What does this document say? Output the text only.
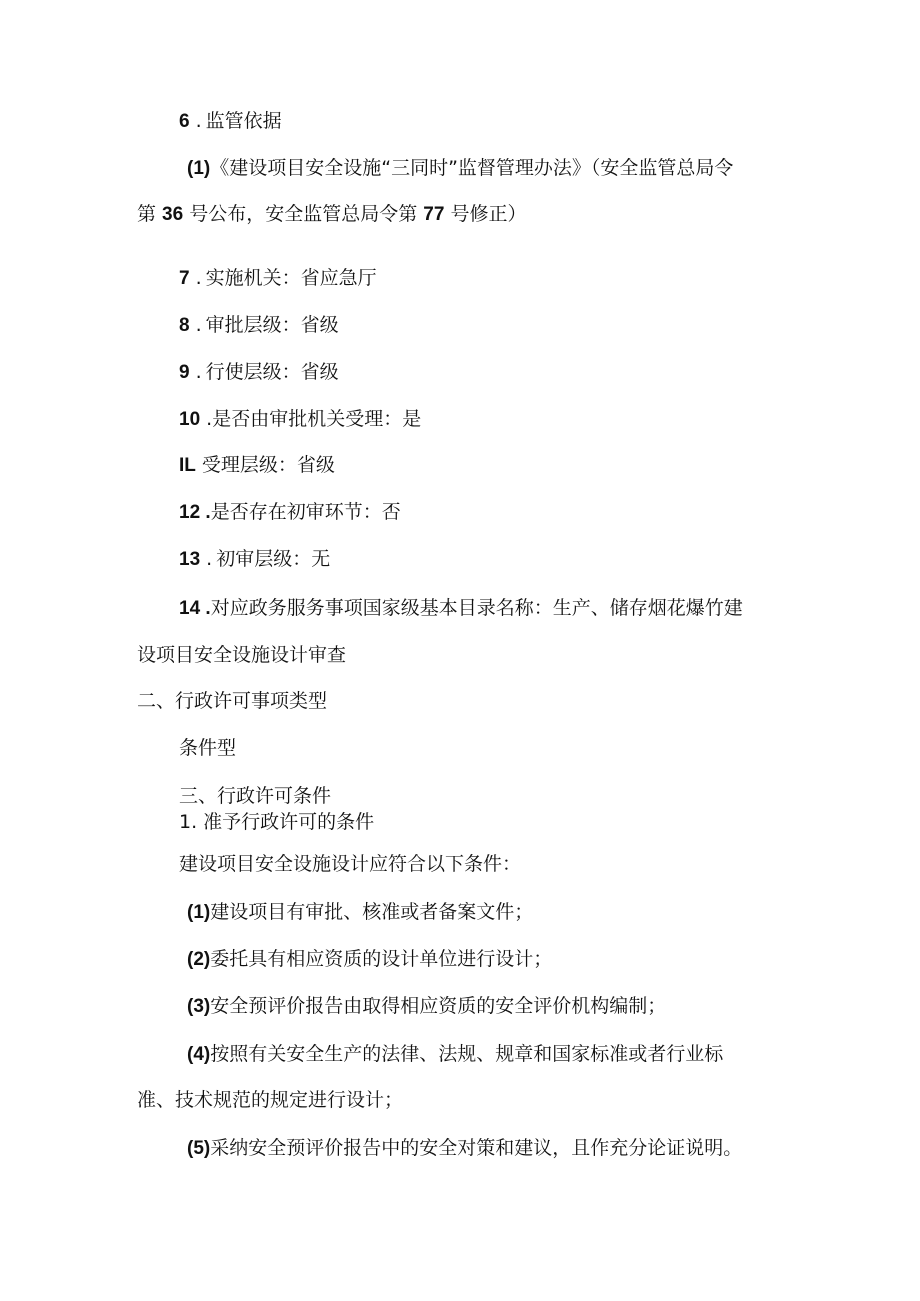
6 . 监管依据
(1)《建设项目安全设施“三同时”监督管理办法》（安全监管总局令
第 36 号公布，安全监管总局令第 77 号修正）
7 . 实施机关：省应急厅
8 . 审批层级：省级
9 . 行使层级：省级
10 .是否由审批机关受理：是
IL 受理层级：省级
12 .是否存在初审环节：否
13 . 初审层级：无
14 .对应政务服务事项国家级基本目录名称：生产、储存烟花爆竹建
设项目安全设施设计审查
二、行政许可事项类型
条件型
三、行政许可条件
1. 准予行政许可的条件
建设项目安全设施设计应符合以下条件：
(1)建设项目有审批、核准或者备案文件；
(2)委托具有相应资质的设计单位进行设计；
(3)安全预评价报告由取得相应资质的安全评价机构编制；
(4)按照有关安全生产的法律、法规、规章和国家标准或者行业标
准、技术规范的规定进行设计；
(5)采纳安全预评价报告中的安全对策和建议，且作充分论证说明。
